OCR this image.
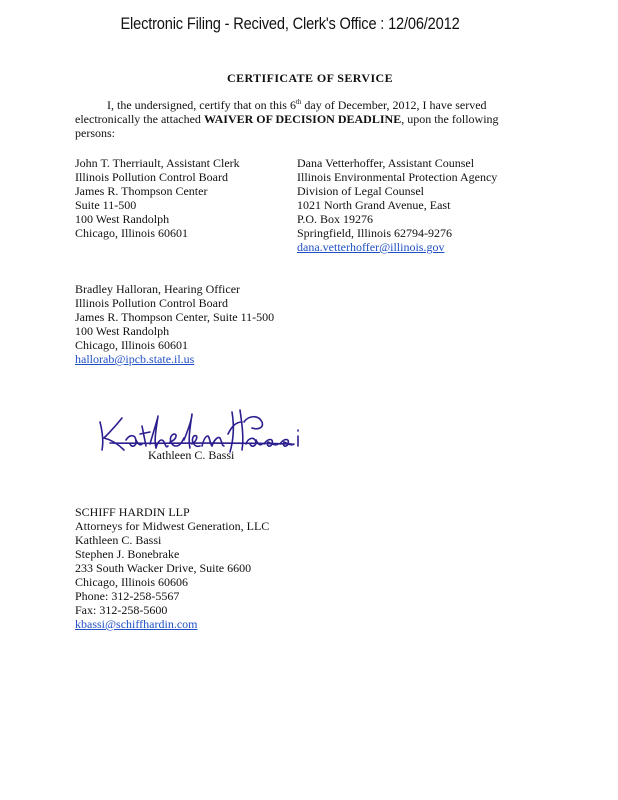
Electronic Filing - Recived, Clerk's Office : 12/06/2012
CERTIFICATE OF SERVICE
I, the undersigned, certify that on this 6th day of December, 2012, I have served electronically the attached WAIVER OF DECISION DEADLINE, upon the following persons:
John T. Therriault, Assistant Clerk
Illinois Pollution Control Board
James R. Thompson Center
Suite 11-500
100 West Randolph
Chicago, Illinois 60601
Dana Vetterhoffer, Assistant Counsel
Illinois Environmental Protection Agency
Division of Legal Counsel
1021 North Grand Avenue, East
P.O. Box 19276
Springfield, Illinois 62794-9276
dana.vetterhoffer@illinois.gov
Bradley Halloran, Hearing Officer
Illinois Pollution Control Board
James R. Thompson Center, Suite 11-500
100 West Randolph
Chicago, Illinois 60601
hallorab@ipcb.state.il.us
Kathleen C. Bassi
SCHIFF HARDIN LLP
Attorneys for Midwest Generation, LLC
Kathleen C. Bassi
Stephen J. Bonebrake
233 South Wacker Drive, Suite 6600
Chicago, Illinois 60606
Phone: 312-258-5567
Fax: 312-258-5600
kbassi@schiffhardin.com
